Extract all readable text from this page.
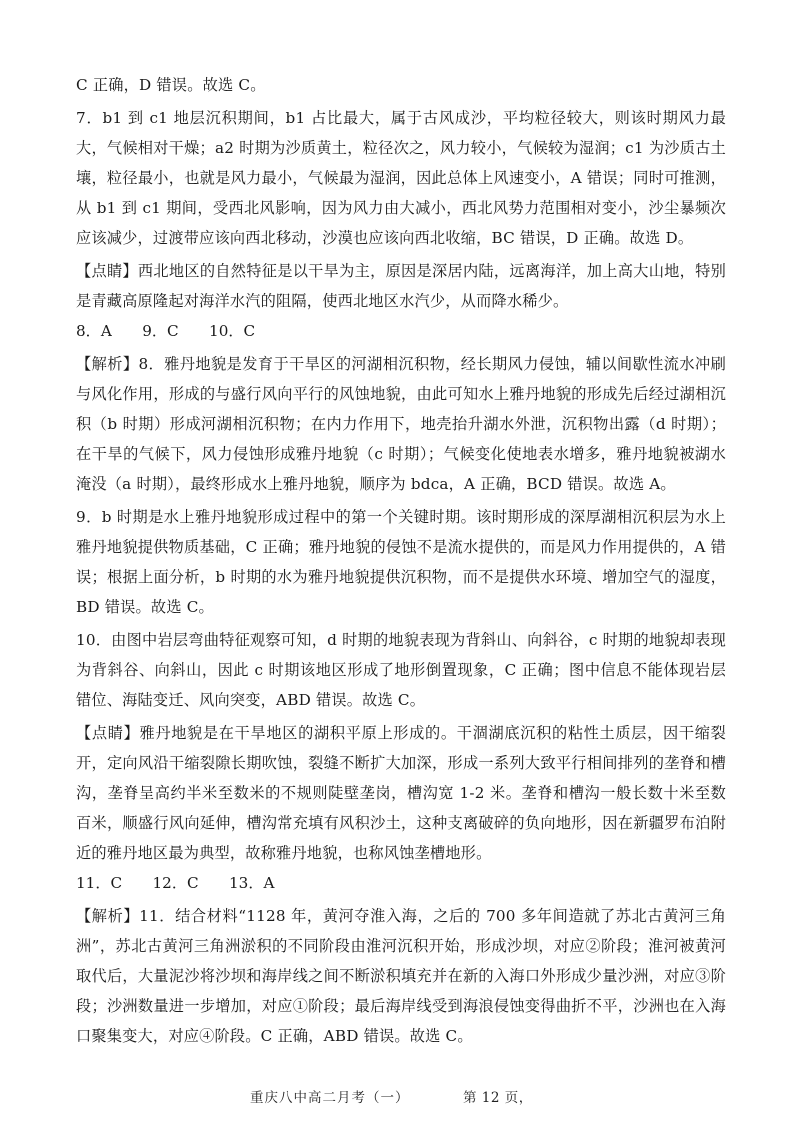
C 正确，D 错误。故选 C。

7．b1 到 c1 地层沉积期间，b1 占比最大，属于古风成沙，平均粒径较大，则该时期风力最大，气候相对干燥；a2 时期为沙质黄土，粒径次之，风力较小，气候较为湿润；c1 为沙质古土壤，粒径最小，也就是风力最小，气候最为湿润，因此总体上风速变小，A 错误；同时可推测，从 b1 到 c1 期间，受西北风影响，因为风力由大减小，西北风势力范围相对变小，沙尘暴频次应该减少，过渡带应该向西北移动，沙漠也应该向西北收缩，BC 错误，D 正确。故选 D。

【点睛】西北地区的自然特征是以干旱为主，原因是深居内陆，远离海洋，加上高大山地，特别是青藏高原隆起对海洋水汽的阻隔，使西北地区水汽少，从而降水稀少。

8．A　　9．C　　10．C

【解析】8．雅丹地貌是发育于干旱区的河湖相沉积物，经长期风力侵蚀，辅以间歇性流水冲刷与风化作用，形成的与盛行风向平行的风蚀地貌，由此可知水上雅丹地貌的形成先后经过湖相沉积（b 时期）形成河湖相沉积物；在内力作用下，地壳抬升湖水外泄，沉积物出露（d 时期）；在干旱的气候下，风力侵蚀形成雅丹地貌（c 时期）；气候变化使地表水增多，雅丹地貌被湖水淹没（a 时期），最终形成水上雅丹地貌，顺序为 bdca，A 正确，BCD 错误。故选 A。

9．b 时期是水上雅丹地貌形成过程中的第一个关键时期。该时期形成的深厚湖相沉积层为水上雅丹地貌提供物质基础，C 正确；雅丹地貌的侵蚀不是流水提供的，而是风力作用提供的，A 错误；根据上面分析，b 时期的水为雅丹地貌提供沉积物，而不是提供水环境、增加空气的湿度，BD 错误。故选 C。

10．由图中岩层弯曲特征观察可知，d 时期的地貌表现为背斜山、向斜谷，c 时期的地貌却表现为背斜谷、向斜山，因此 c 时期该地区形成了地形倒置现象，C 正确；图中信息不能体现岩层错位、海陆变迁、风向突变，ABD 错误。故选 C。

【点睛】雅丹地貌是在干旱地区的湖积平原上形成的。干涸湖底沉积的粘性土质层，因干缩裂开，定向风沿干缩裂隙长期吹蚀，裂缝不断扩大加深，形成一系列大致平行相间排列的垄脊和槽沟，垄脊呈高约半米至数米的不规则陡壁垄岗，槽沟宽 1-2 米。垄脊和槽沟一般长数十米至数百米，顺盛行风向延伸，槽沟常充填有风积沙土，这种支离破碎的负向地形，因在新疆罗布泊附近的雅丹地区最为典型，故称雅丹地貌，也称风蚀垄槽地形。

11．C　　12．C　　13．A

【解析】11．结合材料“1128 年，黄河夺淮入海，之后的 700 多年间造就了苏北古黄河三角洲”，苏北古黄河三角洲淤积的不同阶段由淮河沉积开始，形成沙坝，对应②阶段；淮河被黄河取代后，大量泥沙将沙坝和海岸线之间不断淤积填充并在新的入海口外形成少量沙洲，对应③阶段；沙洲数量进一步增加，对应①阶段；最后海岸线受到海浪侵蚀变得曲折不平，沙洲也在入海口聚集变大，对应④阶段。C 正确，ABD 错误。故选 C。

重庆八中高二月考（一）	第 12 页，
